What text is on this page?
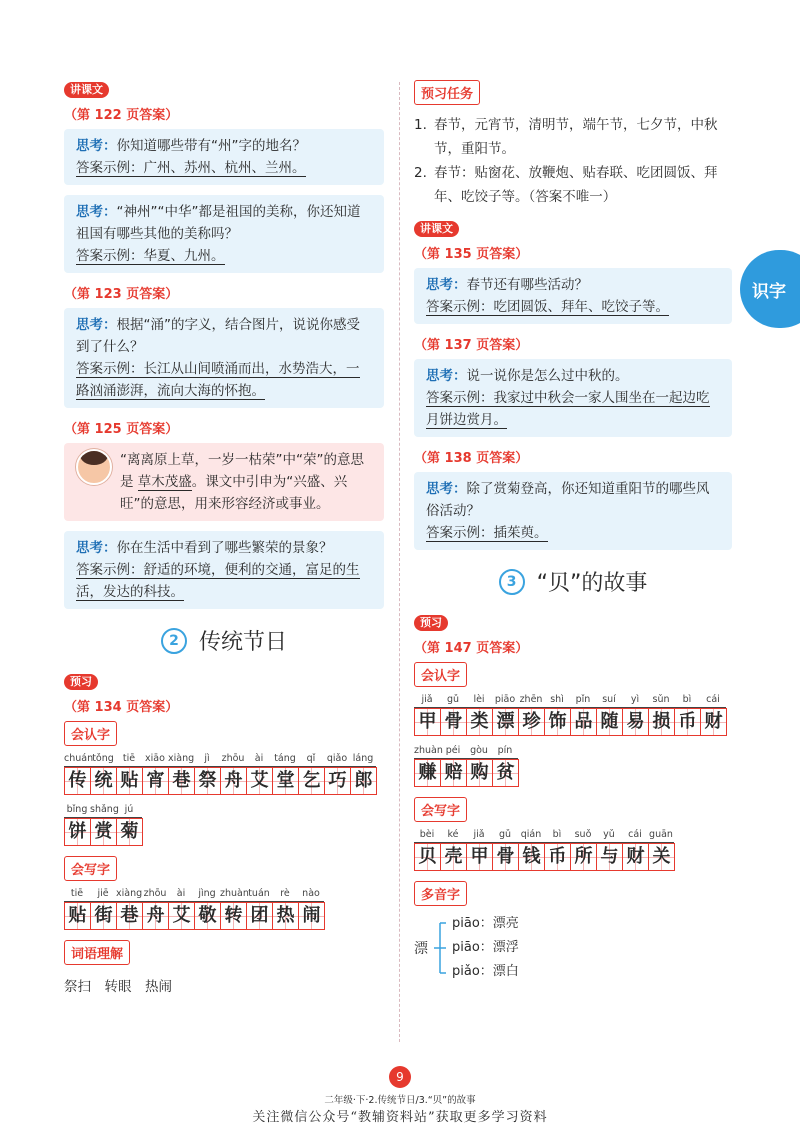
讲课文
（第 122 页答案）
思考：你知道哪些带有“州”字的地名？
答案示例：广州、苏州、杭州、兰州。
思考：“神州”“中华”都是祖国的美称，你还知道祖国有哪些其他的美称吗？
答案示例：华夏、九州。
（第 123 页答案）
思考：根据“涌”的字义，结合图片，说说你感受到了什么？
答案示例：长江从山间喷涌而出，水势浩大，一路汹涌澎湃，流向大海的怀抱。
（第 125 页答案）
“离离原上草，一岁一枯荣”中“荣”的意思是 草木茂盛。课文中引申为“兴盛、兴旺”的意思，用来形容经济或事业。
思考：你在生活中看到了哪些繁荣的景象？
答案示例：舒适的环境，便利的交通，富足的生活，发达的科技。
2 传统节日
预习
（第 134 页答案）
会认字
chuán
传
tǒng
统
tiē
贴
xiāo
宵
xiàng
巷
jì
祭
zhōu
舟
ài
艾
táng
堂
qǐ
乞
qiǎo
巧
láng
郎
bǐng
饼
shǎng
赏
jú
菊
会写字
tiē
贴
jiē
街
xiàng
巷
zhōu
舟
ài
艾
jìng
敬
zhuàn
转
tuán
团
rè
热
nào
闹
词语理解
祭扫　转眼　热闹
预习任务
1. 春节，元宵节，清明节，端午节，七夕节，中秋节，重阳节。
2. 春节：贴窗花、放鞭炮、贴春联、吃团圆饭、拜年、吃饺子等。（答案不唯一）
讲课文
（第 135 页答案）
思考：春节还有哪些活动？
答案示例：吃团圆饭、拜年、吃饺子等。
（第 137 页答案）
思考：说一说你是怎么过中秋的。
答案示例：我家过中秋会一家人围坐在一起边吃月饼边赏月。
（第 138 页答案）
思考：除了赏菊登高，你还知道重阳节的哪些风俗活动？
答案示例：插茱萸。
3 “贝”的故事
预习
（第 147 页答案）
会认字
jiǎ
甲
gǔ
骨
lèi
类
piāo
漂
zhēn
珍
shì
饰
pǐn
品
suí
随
yì
易
sǔn
损
bì
币
cái
财
zhuàn
赚
péi
赔
gòu
购
pín
贫
会写字
bèi
贝
ké
壳
jiǎ
甲
gǔ
骨
qián
钱
bì
币
suǒ
所
yǔ
与
cái
财
guān
关
多音字
漂
piāo：漂亮
piāo：漂浮
piǎo：漂白
识字
9
二年级·下·2.传统节日/3.“贝”的故事
关注微信公众号“教辅资料站”获取更多学习资料
